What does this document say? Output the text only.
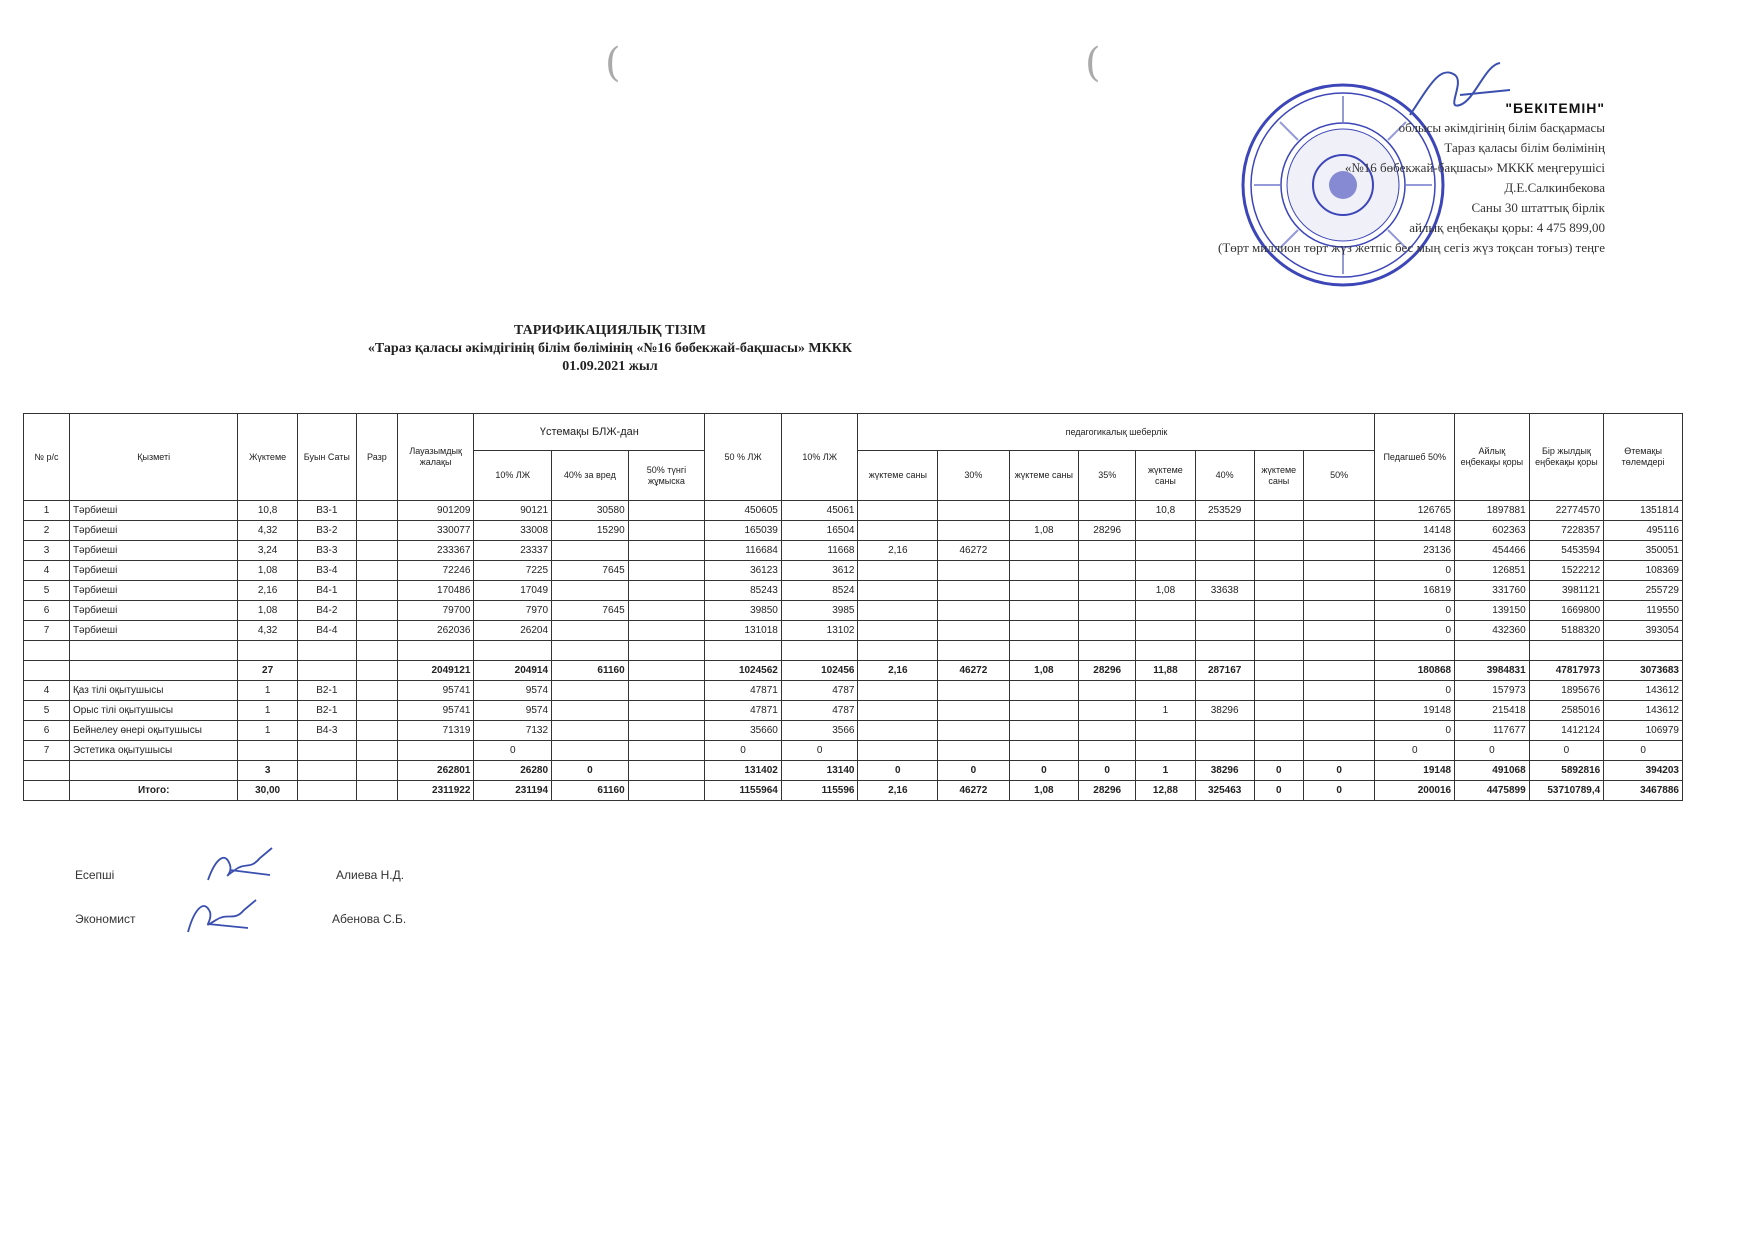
(	(
"БЕКІТЕМІН"
облысы әкімдігінің білім басқармасы
Тараз қаласы білім бөлімінің
«№16 бөбекжай-бақшасы» МККК меңгерушісі
Д.Е.Салкинбекова
Саны 30 штаттық бірлік
айлық еңбекақы қоры: 4 475 899,00
(Төрт миллион төрт жүз жетпіс бес мың сегіз жүз тоқсан тоғыз) теңге
ТАРИФИКАЦИЯЛЫҚ ТІЗІМ
«Тараз қаласы әкімдігінің білім бөлімінің «№16 бөбекжай-бақшасы» МККК
01.09.2021 жыл
№ р/с	Қызметі	Жүктеме	Буын Саты	Разр	Лауазымдық жалақы	Үстемақы БЛЖ-дан			50 % ЛЖ	10% ЛЖ	педагогикалық шеберлік								Педагшеб 50%	Айлық еңбекақы қоры	Бір жылдық еңбекақы қоры	Өтемақы төлемдері
						10% ЛЖ	40% за вред	50% түнгі жұмыска			жүктеме саны	30%	жүктеме саны	35%	жүктеме саны	40%	жүктеме саны	50%				
1	Тәрбиеші	10,8	В3-1		901209	90121	30580		450605	45061					10,8	253529			126765	1897881	22774570	1351814
2	Тәрбиеші	4,32	В3-2		330077	33008	15290		165039	16504			1,08	28296					14148	602363	7228357	495116
3	Тәрбиеші	3,24	В3-3		233367	23337			116684	11668	2,16	46272							23136	454466	5453594	350051
4	Тәрбиеші	1,08	В3-4		72246	7225	7645		36123	3612									0	126851	1522212	108369
5	Тәрбиеші	2,16	В4-1		170486	17049			85243	8524					1,08	33638			16819	331760	3981121	255729
6	Тәрбиеші	1,08	В4-2		79700	7970	7645		39850	3985									0	139150	1669800	119550
7	Тәрбиеші	4,32	В4-4		262036	26204			131018	13102									0	432360	5188320	393054

		27			2049121	204914	61160		1024562	102456	2,16	46272	1,08	28296	11,88	287167			180868	3984831	47817973	3073683
4	Қаз тілі оқытушысы	1	В2-1		95741	9574			47871	4787									0	157973	1895676	143612
5	Орыс тілі оқытушысы	1	В2-1		95741	9574			47871	4787					1	38296			19148	215418	2585016	143612
6	Бейнелеу өнері оқытушысы	1	В4-3		71319	7132			35660	3566									0	117677	1412124	106979
7	Эстетика оқытушысы					0			0	0									0	0	0	0
		3			262801	26280	0		131402	13140	0	0	0	0	1	38296	0	0	19148	491068	5892816	394203
	Итого:	30,00			2311922	231194	61160		1155964	115596	2,16	46272	1,08	28296	12,88	325463	0	0	200016	4475899	53710789,4	3467886
Есепші	Алиева Н.Д.
Экономист	Абенова С.Б.
